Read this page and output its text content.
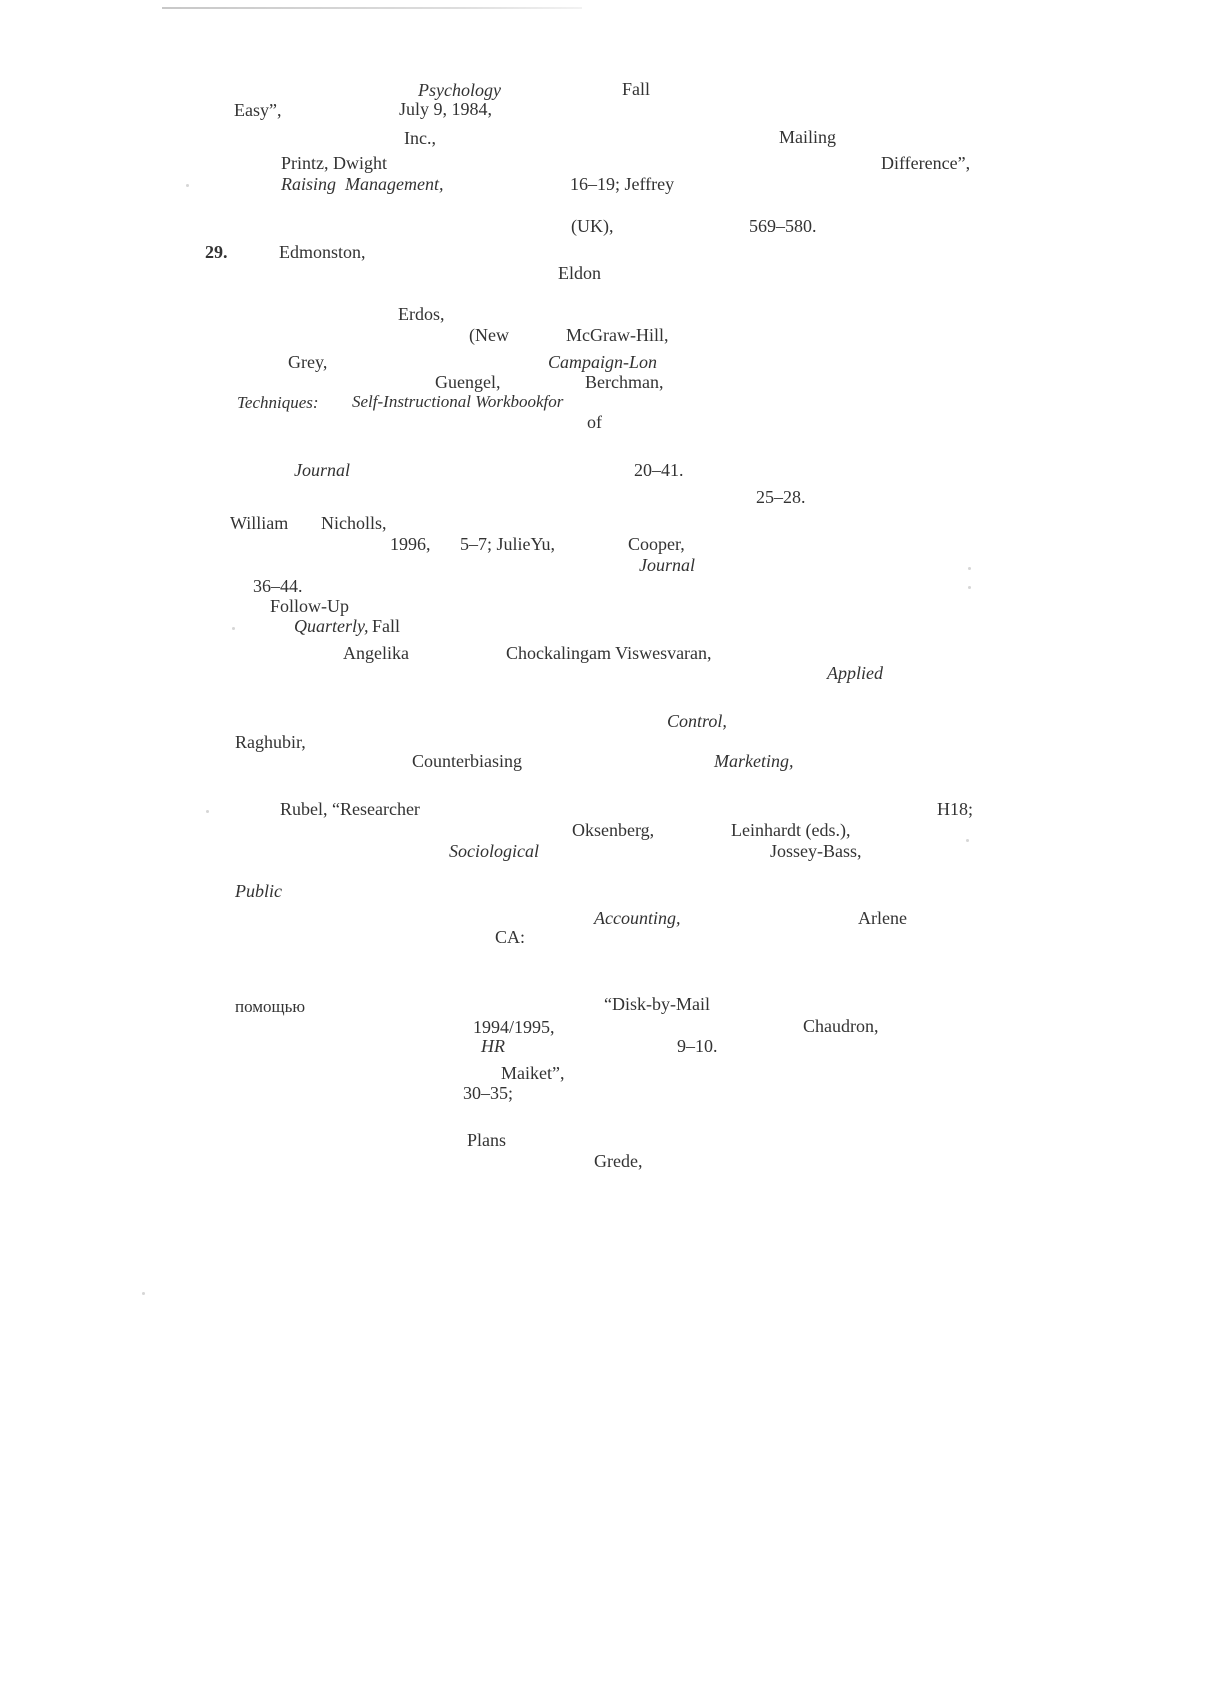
Psychology	Fall
Easy”,	July 9, 1984,
Inc.,	Mailing
Printz, Dwight	Difference”,
Raising Management,	16–19; Jeffrey
(UK),	569–580.
29.	Edmonston,
Eldon
Erdos,
(New	McGraw-Hill,
Grey,	Campaign-Lon
Guengel,	Berchman,
Techniques: Self-Instructional Workbookfor
of
Journal	20–41.
25–28.
William Nicholls,
1996, 5–7; JulieYu,	Cooper,
Journal
36–44.
Follow-Up
Quarterly, Fall
Angelika	Chockalingam Viswesvaran,
Applied
Control,
Raghubir,
Counterbiasing	Marketing,
Rubel, “Researcher	H18;
Oksenberg,	Leinhardt (eds.),
Sociological	Jossey-Bass,
Public
Accounting,	Arlene
CA:
помощью	“Disk-by-Mail
1994/1995,	Chaudron,
HR	9–10.
Maiket”,
30–35;
Plans
Grede,
